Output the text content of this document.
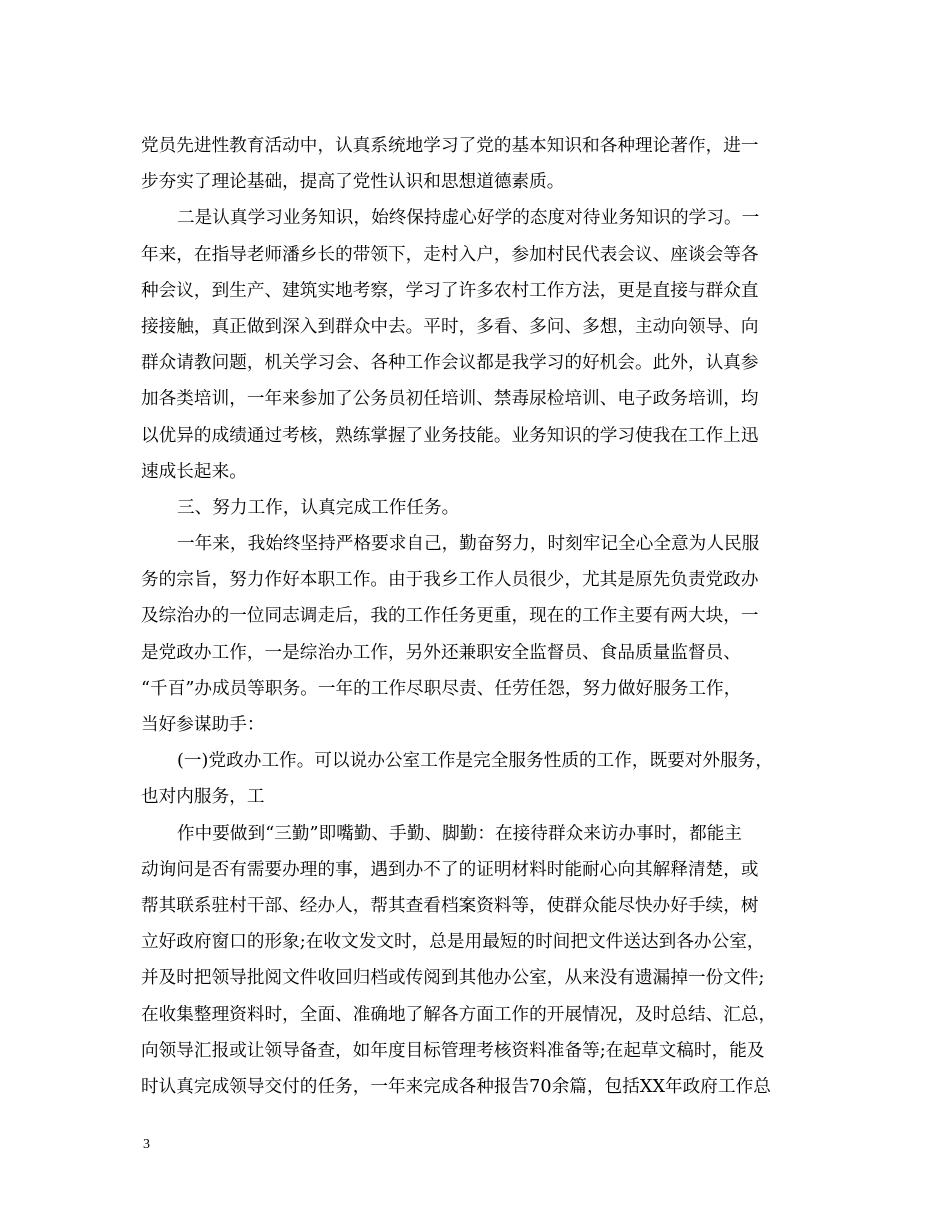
党员先进性教育活动中，认真系统地学习了党的基本知识和各种理论著作，进一
步夯实了理论基础，提高了党性认识和思想道德素质。
二是认真学习业务知识，始终保持虚心好学的态度对待业务知识的学习。一
年来，在指导老师潘乡长的带领下，走村入户，参加村民代表会议、座谈会等各
种会议，到生产、建筑实地考察，学习了许多农村工作方法，更是直接与群众直
接接触，真正做到深入到群众中去。平时，多看、多问、多想，主动向领导、向
群众请教问题，机关学习会、各种工作会议都是我学习的好机会。此外，认真参
加各类培训，一年来参加了公务员初任培训、禁毒尿检培训、电子政务培训，均
以优异的成绩通过考核，熟练掌握了业务技能。业务知识的学习使我在工作上迅
速成长起来。
三、努力工作，认真完成工作任务。
一年来，我始终坚持严格要求自己，勤奋努力，时刻牢记全心全意为人民服
务的宗旨，努力作好本职工作。由于我乡工作人员很少，尤其是原先负责党政办
及综治办的一位同志调走后，我的工作任务更重，现在的工作主要有两大块，一
是党政办工作，一是综治办工作，另外还兼职安全监督员、食品质量监督员、
“千百”办成员等职务。一年的工作尽职尽责、任劳任怨，努力做好服务工作，
当好参谋助手：
(一)党政办工作。可以说办公室工作是完全服务性质的工作，既要对外服务，
也对内服务，工
作中要做到“三勤”即嘴勤、手勤、脚勤：在接待群众来访办事时，都能主
动询问是否有需要办理的事，遇到办不了的证明材料时能耐心向其解释清楚，或
帮其联系驻村干部、经办人，帮其查看档案资料等，使群众能尽快办好手续，树
立好政府窗口的形象;在收文发文时，总是用最短的时间把文件送达到各办公室，
并及时把领导批阅文件收回归档或传阅到其他办公室，从来没有遗漏掉一份文件;
在收集整理资料时，全面、准确地了解各方面工作的开展情况，及时总结、汇总，
向领导汇报或让领导备查，如年度目标管理考核资料准备等;在起草文稿时，能及
时认真完成领导交付的任务，一年来完成各种报告70余篇，包括XX年政府工作总
3
